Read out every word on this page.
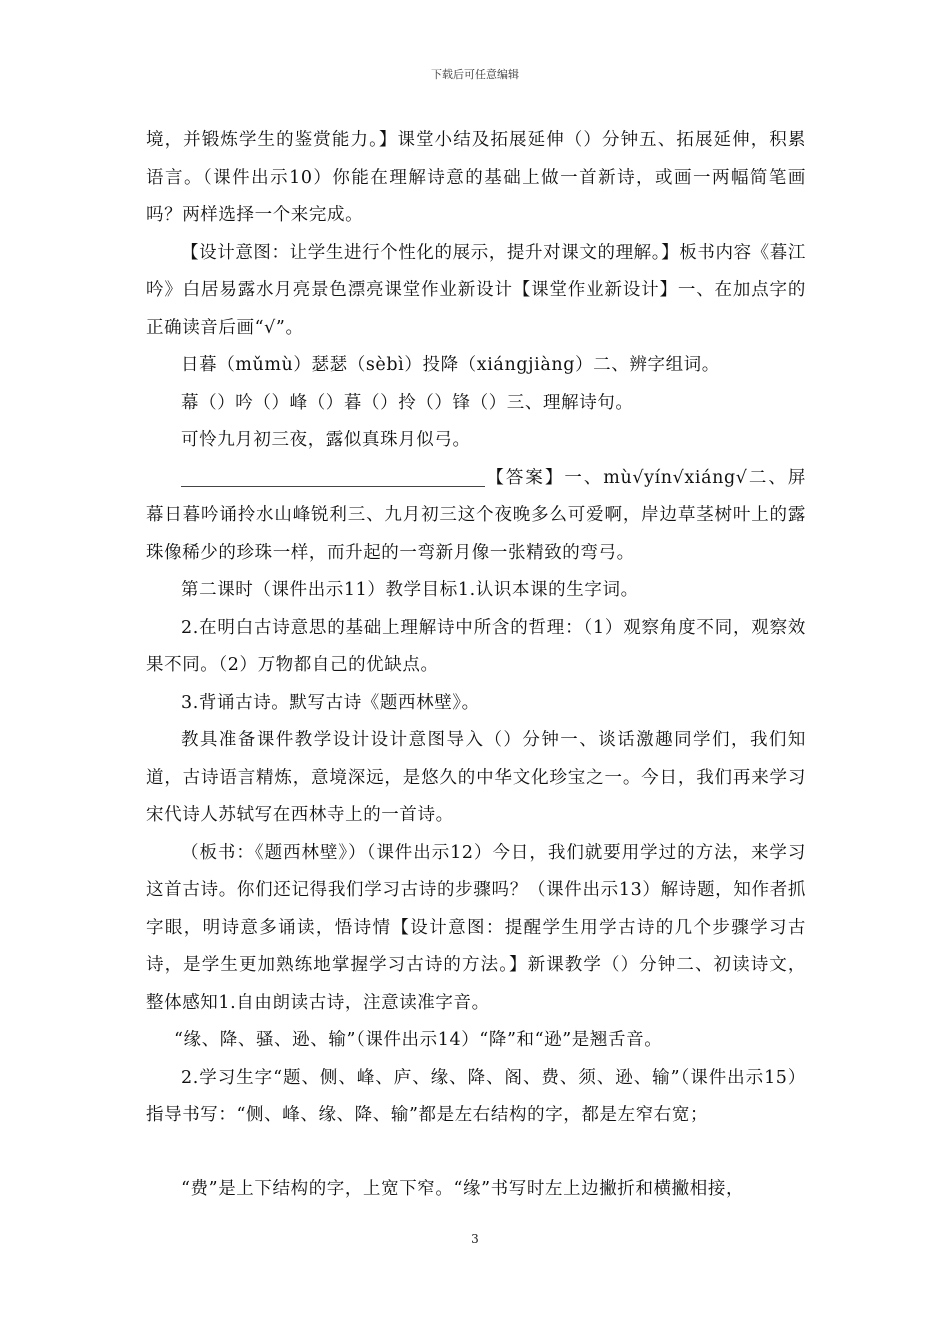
下载后可任意编辑

境，并锻炼学生的鉴赏能力。】课堂小结及拓展延伸（）分钟五、拓展延伸，积累语言。（课件出示10）你能在理解诗意的基础上做一首新诗，或画一两幅简笔画吗？两样选择一个来完成。

【设计意图：让学生进行个性化的展示，提升对课文的理解。】板书内容《暮江吟》白居易露水月亮景色漂亮课堂作业新设计【课堂作业新设计】一、在加点字的正确读音后画“√”。

日暮（mǔmù）瑟瑟（sèbì）投降（xiángjiàng）二、辨字组词。

幕（）吟（）峰（）暮（）拎（）锋（）三、理解诗句。

可怜九月初三夜，露似真珠月似弓。

【答案】一、mù√yín√xiáng√二、屏幕日暮吟诵拎水山峰锐利三、九月初三这个夜晚多么可爱啊，岸边草茎树叶上的露珠像稀少的珍珠一样，而升起的一弯新月像一张精致的弯弓。

第二课时（课件出示11）教学目标1.认识本课的生字词。

2.在明白古诗意思的基础上理解诗中所含的哲理：（1）观察角度不同，观察效果不同。（2）万物都自己的优缺点。

3.背诵古诗。默写古诗《题西林壁》。

教具准备课件教学设计设计意图导入（）分钟一、谈话激趣同学们，我们知道，古诗语言精炼，意境深远，是悠久的中华文化珍宝之一。今日，我们再来学习宋代诗人苏轼写在西林寺上的一首诗。

（板书：《题西林壁》）（课件出示12）今日，我们就要用学过的方法，来学习这首古诗。你们还记得我们学习古诗的步骤吗？（课件出示13）解诗题，知作者抓字眼，明诗意多诵读，悟诗情【设计意图：提醒学生用学古诗的几个步骤学习古诗，是学生更加熟练地掌握学习古诗的方法。】新课教学（）分钟二、初读诗文，整体感知1.自由朗读古诗，注意读准字音。

“缘、降、骚、逊、输”（课件出示14）“降”和“逊”是翘舌音。

2.学习生字“题、侧、峰、庐、缘、降、阁、费、须、逊、输”（课件出示15）指导书写：“侧、峰、缘、降、输”都是左右结构的字，都是左窄右宽；

“费”是上下结构的字，上宽下窄。“缘”书写时左上边撇折和横撇相接，

3
